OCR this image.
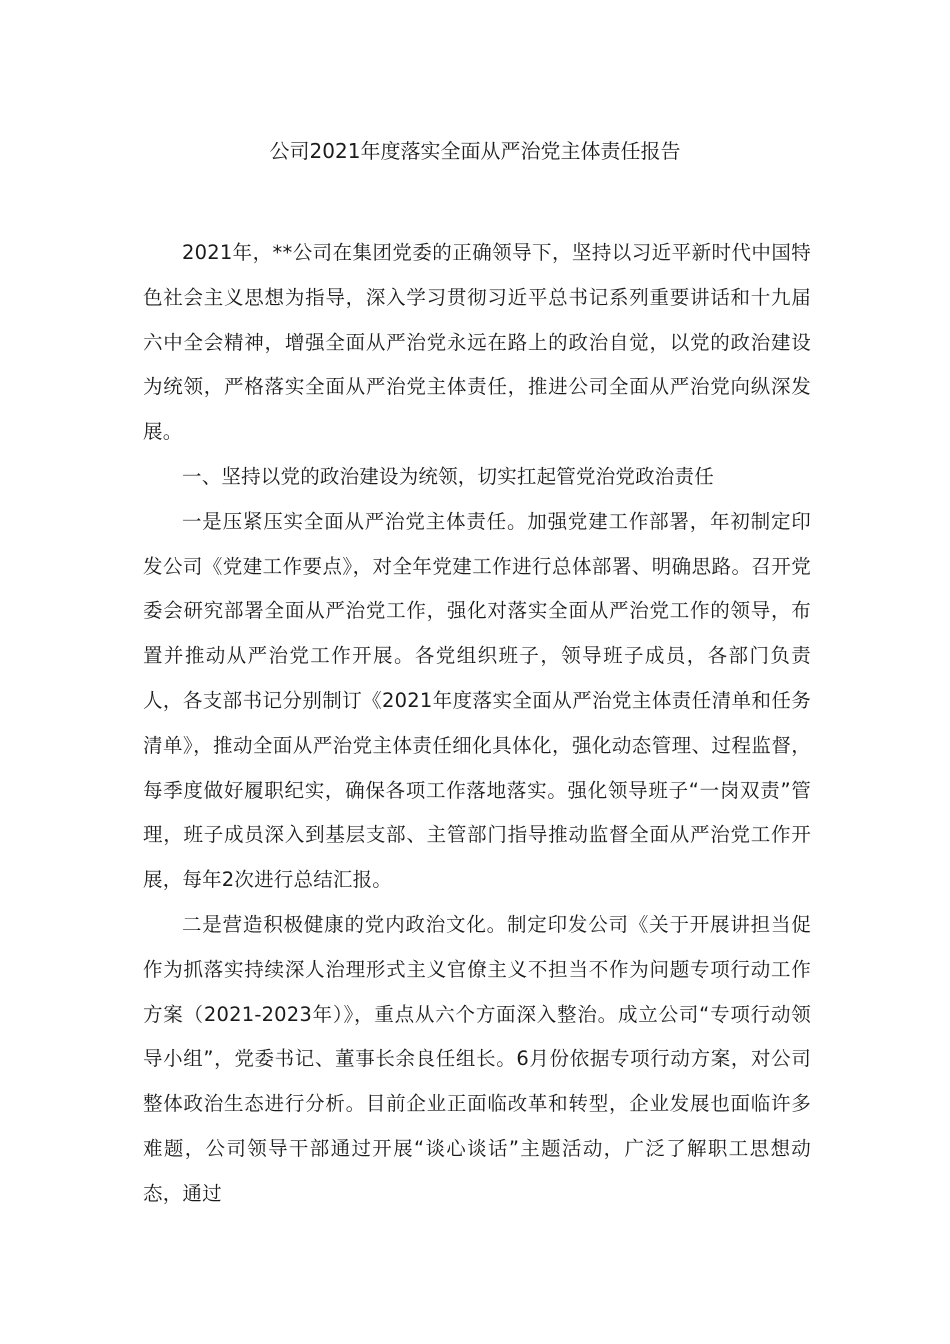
公司2021年度落实全面从严治党主体责任报告

2021年，**公司在集团党委的正确领导下，坚持以习近平新时代中国特色社会主义思想为指导，深入学习贯彻习近平总书记系列重要讲话和十九届六中全会精神，增强全面从严治党永远在路上的政治自觉，以党的政治建设为统领，严格落实全面从严治党主体责任，推进公司全面从严治党向纵深发展。

一、坚持以党的政治建设为统领，切实扛起管党治党政治责任

一是压紧压实全面从严治党主体责任。加强党建工作部署，年初制定印发公司《党建工作要点》，对全年党建工作进行总体部署、明确思路。召开党委会研究部署全面从严治党工作，强化对落实全面从严治党工作的领导，布置并推动从严治党工作开展。各党组织班子，领导班子成员，各部门负责人，各支部书记分别制订《2021年度落实全面从严治党主体责任清单和任务清单》，推动全面从严治党主体责任细化具体化，强化动态管理、过程监督，每季度做好履职纪实，确保各项工作落地落实。强化领导班子“一岗双责”管理，班子成员深入到基层支部、主管部门指导推动监督全面从严治党工作开展，每年2次进行总结汇报。

二是营造积极健康的党内政治文化。制定印发公司《关于开展讲担当促作为抓落实持续深人治理形式主义官僚主义不担当不作为问题专项行动工作方案（2021-2023年）》，重点从六个方面深入整治。成立公司“专项行动领导小组”，党委书记、董事长余良任组长。6月份依据专项行动方案，对公司整体政治生态进行分析。目前企业正面临改革和转型，企业发展也面临许多难题，公司领导干部通过开展“谈心谈话”主题活动，广泛了解职工思想动态，通过
